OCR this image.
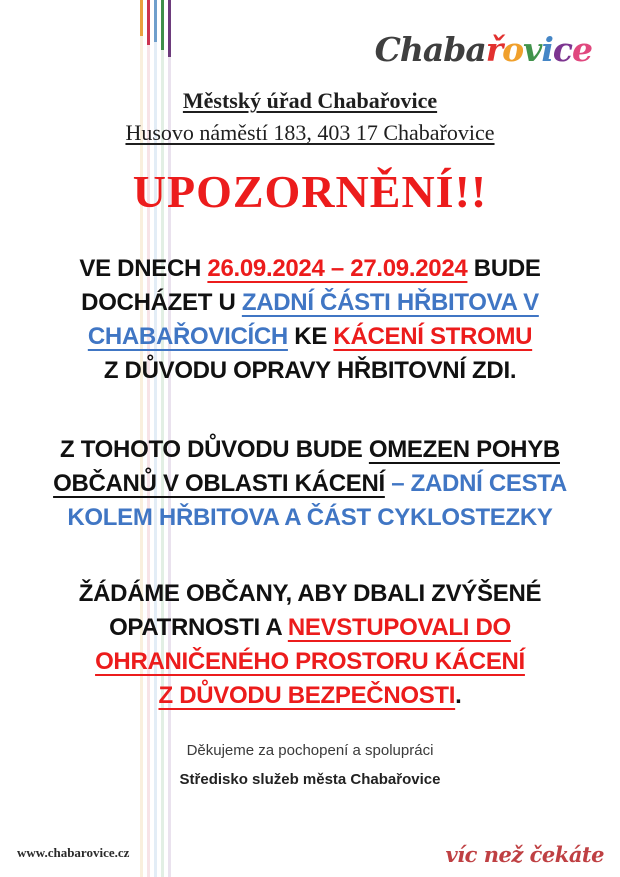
Chabařovice
Městský úřad Chabařovice
Husovo náměstí 183, 403 17 Chabařovice
UPOZORNĚNÍ!!
VE DNECH 26.09.2024 – 27.09.2024 BUDE
DOCHÁZET U ZADNÍ ČÁSTI HŘBITOVA V
CHABAŘOVICÍCH KE KÁCENÍ STROMU
Z DŮVODU OPRAVY HŘBITOVNÍ ZDI.
Z TOHOTO DŮVODU BUDE OMEZEN POHYB
OBČANŮ V OBLASTI KÁCENÍ – ZADNÍ CESTA
KOLEM HŘBITOVA A ČÁST CYKLOSTEZKY
ŽÁDÁME OBČANY, ABY DBALI ZVÝŠENÉ
OPATRNOSTI A NEVSTUPOVALI DO
OHRANIČENÉHO PROSTORU KÁCENÍ
Z DŮVODU BEZPEČNOSTI.
Děkujeme za pochopení a spolupráci
Středisko služeb města Chabařovice
www.chabarovice.cz	víc než čekáte
